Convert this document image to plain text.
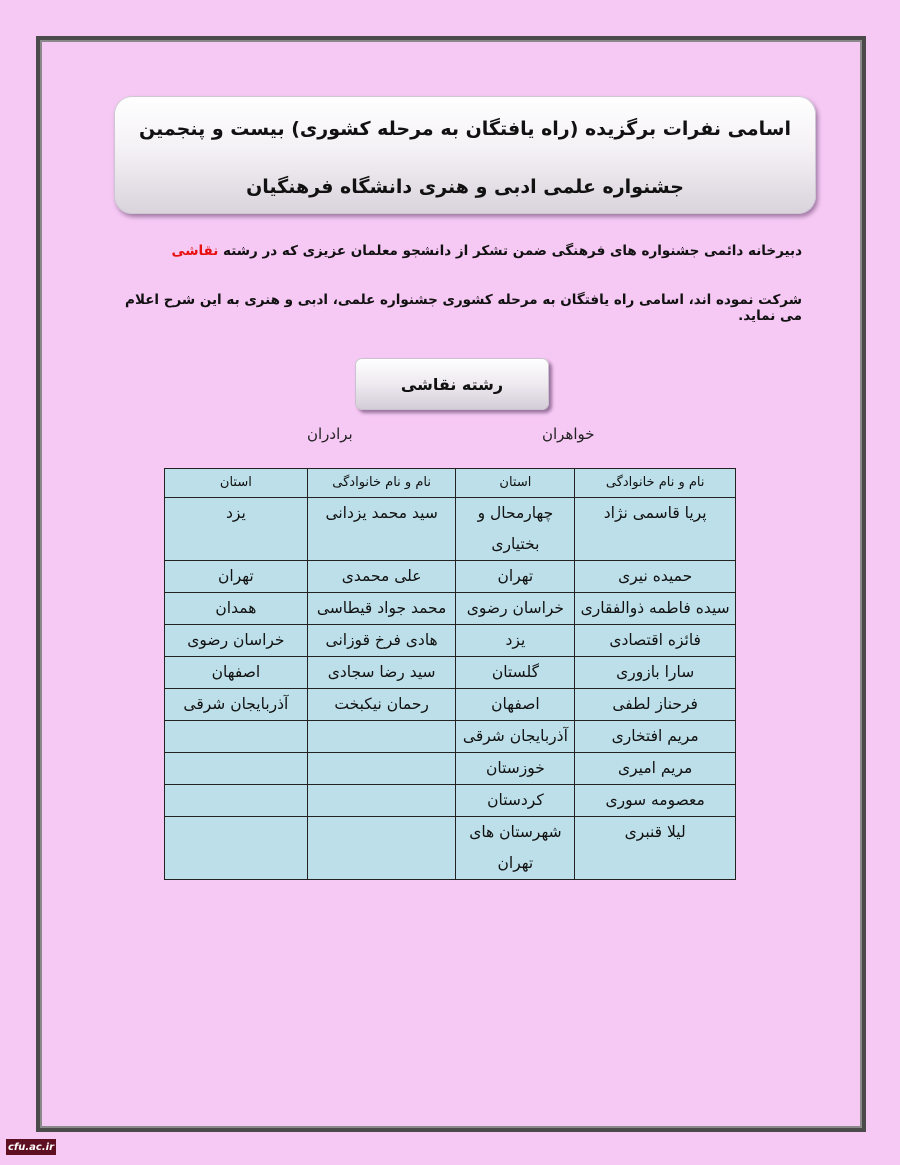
اسامی نفرات برگزیده (راه یافتگان به مرحله کشوری) بیست و پنجمین
جشنواره علمی ادبی و هنری دانشگاه فرهنگیان
دبیرخانه دائمی جشنواره های فرهنگی ضمن تشکر از دانشجو معلمان عزیزی که در رشته نقاشی
شرکت نموده اند، اسامی راه یافتگان به مرحله کشوری جشنواره علمی، ادبی و هنری به این شرح اعلام می نماید.
رشته نقاشی
خواهران
برادران
نام و نام خانوادگی	استان	نام و نام خانوادگی	استان
پریا قاسمی نژاد	چهارمحال و بختیاری	سید محمد یزدانی	یزد
حمیده نیری	تهران	علی محمدی	تهران
سیده فاطمه ذوالفقاری	خراسان رضوی	محمد جواد قیطاسی	همدان
فائزه اقتصادی	یزد	هادی فرخ قوزانی	خراسان رضوی
سارا بازوری	گلستان	سید رضا سجادی	اصفهان
فرحناز لطفی	اصفهان	رحمان نیکبخت	آذربایجان شرقی
مریم افتخاری	آذربایجان شرقی		
مریم امیری	خوزستان		
معصومه سوری	کردستان		
لیلا قنبری	شهرستان های تهران		
cfu.ac.ir
